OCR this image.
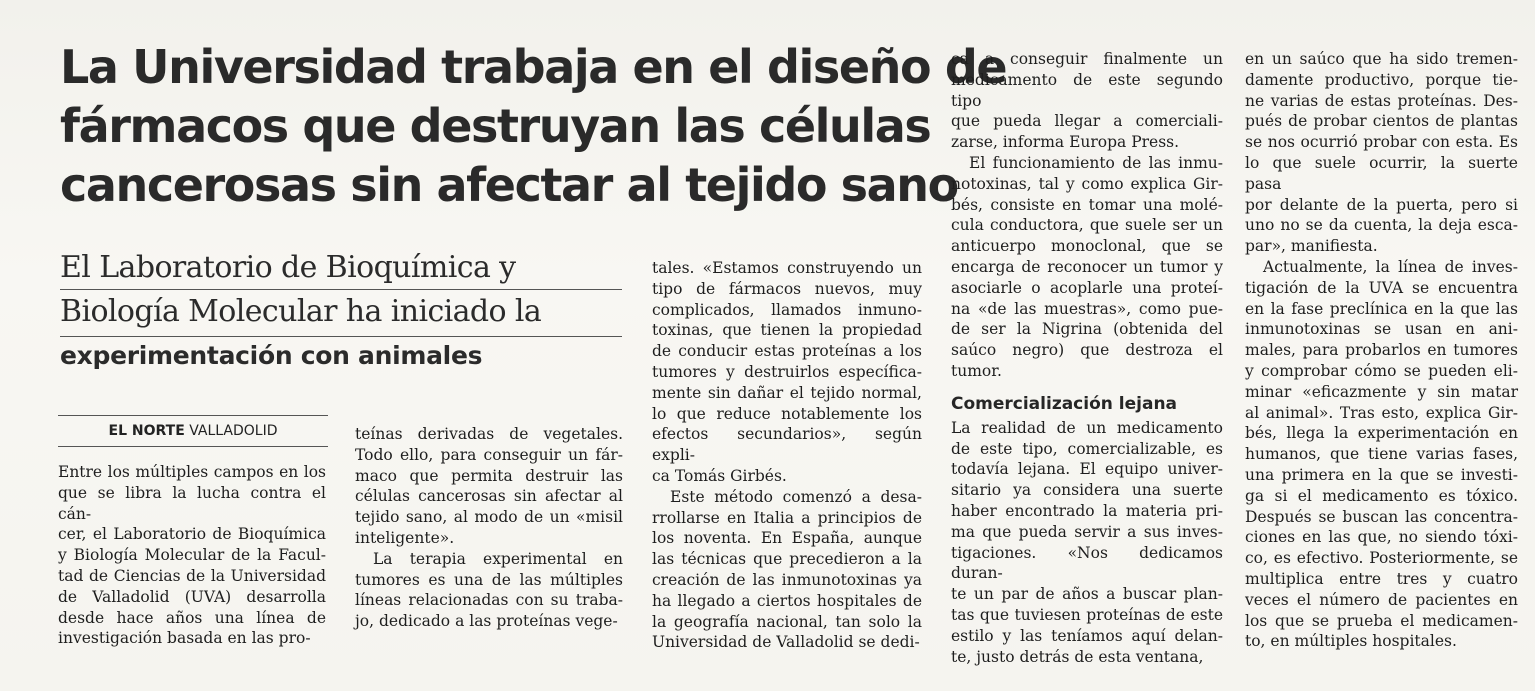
La Universidad trabaja en el diseño de
fármacos que destruyan las células
cancerosas sin afectar al tejido sano
El Laboratorio de Bioquímica y
Biología Molecular ha iniciado la
experimentación con animales
EL NORTE VALLADOLID

Entre los múltiples campos en los

que se libra la lucha contra el cán-

cer, el Laboratorio de Bioquímica

y Biología Molecular de la Facul-

tad de Ciencias de la Universidad

de Valladolid (UVA) desarrolla

desde hace años una línea de

investigación basada en las pro-

teínas derivadas de vegetales.

Todo ello, para conseguir un fár-

maco que permita destruir las

células cancerosas sin afectar al

tejido sano, al modo de un «misil

inteligente».

La terapia experimental en

tumores es una de las múltiples

líneas relacionadas con su traba-

jo, dedicado a las proteínas vege-

tales. «Estamos construyendo un

tipo de fármacos nuevos, muy

complicados, llamados inmuno-

toxinas, que tienen la propiedad

de conducir estas proteínas a los

tumores y destruirlos específica-

mente sin dañar el tejido normal,

lo que reduce notablemente los

efectos secundarios», según expli-

ca Tomás Girbés.

Este método comenzó a desa-

rrollarse en Italia a principios de

los noventa. En España, aunque

las técnicas que precedieron a la

creación de las inmunotoxinas ya

ha llegado a ciertos hospitales de

la geografía nacional, tan solo la

Universidad de Valladolid se dedi-

ca a conseguir finalmente un

medicamento de este segundo tipo

que pueda llegar a comerciali-

zarse, informa Europa Press.

El funcionamiento de las inmu-

notoxinas, tal y como explica Gir-

bés, consiste en tomar una molé-

cula conductora, que suele ser un

anticuerpo monoclonal, que se

encarga de reconocer un tumor y

asociarle o acoplarle una proteí-

na «de las muestras», como pue-

de ser la Nigrina (obtenida del

saúco negro) que destroza el

tumor.

Comercialización lejana

La realidad de un medicamento

de este tipo, comercializable, es

todavía lejana. El equipo univer-

sitario ya considera una suerte

haber encontrado la materia pri-

ma que pueda servir a sus inves-

tigaciones. «Nos dedicamos duran-

te un par de años a buscar plan-

tas que tuviesen proteínas de este

estilo y las teníamos aquí delan-

te, justo detrás de esta ventana,

en un saúco que ha sido tremen-

damente productivo, porque tie-

ne varias de estas proteínas. Des-

pués de probar cientos de plantas

se nos ocurrió probar con esta. Es

lo que suele ocurrir, la suerte pasa

por delante de la puerta, pero si

uno no se da cuenta, la deja esca-

par», manifiesta.

Actualmente, la línea de inves-

tigación de la UVA se encuentra

en la fase preclínica en la que las

inmunotoxinas se usan en ani-

males, para probarlos en tumores

y comprobar cómo se pueden eli-

minar «eficazmente y sin matar

al animal». Tras esto, explica Gir-

bés, llega la experimentación en

humanos, que tiene varias fases,

una primera en la que se investi-

ga si el medicamento es tóxico.

Después se buscan las concentra-

ciones en las que, no siendo tóxi-

co, es efectivo. Posteriormente, se

multiplica entre tres y cuatro

veces el número de pacientes en

los que se prueba el medicamen-

to, en múltiples hospitales.
